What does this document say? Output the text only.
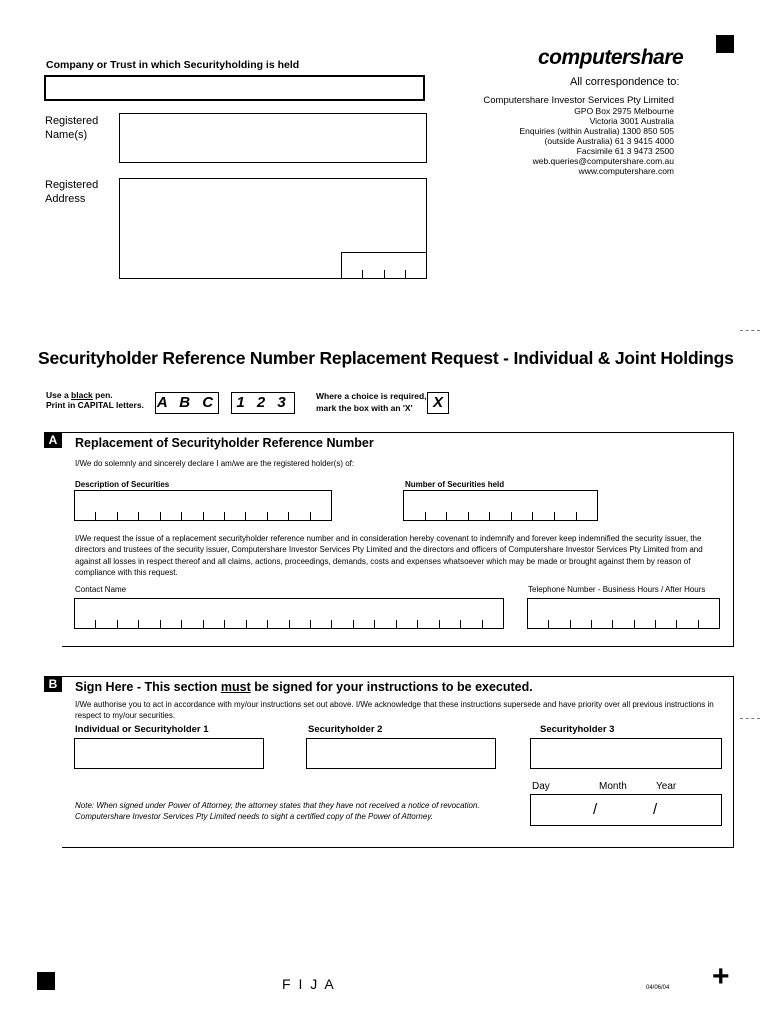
Company or Trust in which Securityholding is held
Registered Name(s)
Registered Address
computershare
All correspondence to:
Computershare Investor Services Pty Limited
GPO Box 2975 Melbourne
Victoria 3001 Australia
Enquiries (within Australia) 1300 850 505
(outside Australia) 61 3 9415 4000
Facsimile 61 3 9473 2500
web.queries@computershare.com.au
www.computershare.com
Securityholder Reference Number Replacement Request - Individual & Joint Holdings
Use a black pen.
Print in CAPITAL letters. A B C	1 2 3	Where a choice is required,
mark the box with an 'X'	X
A	Replacement of Securityholder Reference Number
I/We do solemnly and sincerely declare I am/we are the registered holder(s) of:
Description of Securities	Number of Securities held
I/We request the issue of a replacement securityholder reference number and in consideration hereby covenant to indemnify and forever keep indemnified the security issuer, the directors and trustees of the security issuer, Computershare Investor Services Pty Limited and the directors and officers of Computershare Investor Services Pty Limited from and against all losses in respect thereof and all claims, actions, proceedings, demands, costs and expenses whatsoever which may be made or brought against them by reason of compliance with this request.
Contact Name	Telephone Number - Business Hours / After Hours
B	Sign Here - This section must be signed for your instructions to be executed.
I/We authorise you to act in accordance with my/our instructions set out above. I/We acknowledge that these instructions supersede and have priority over all previous instructions in respect to my/our securities.
Individual or Securityholder 1	Securityholder 2	Securityholder 3
Day	Month	Year
/	/
Note: When signed under Power of Attorney, the attorney states that they have not received a notice of revocation. Computershare Investor Services Pty Limited needs to sight a certified copy of the Power of Attorney.
F I J A	04/06/04 +
